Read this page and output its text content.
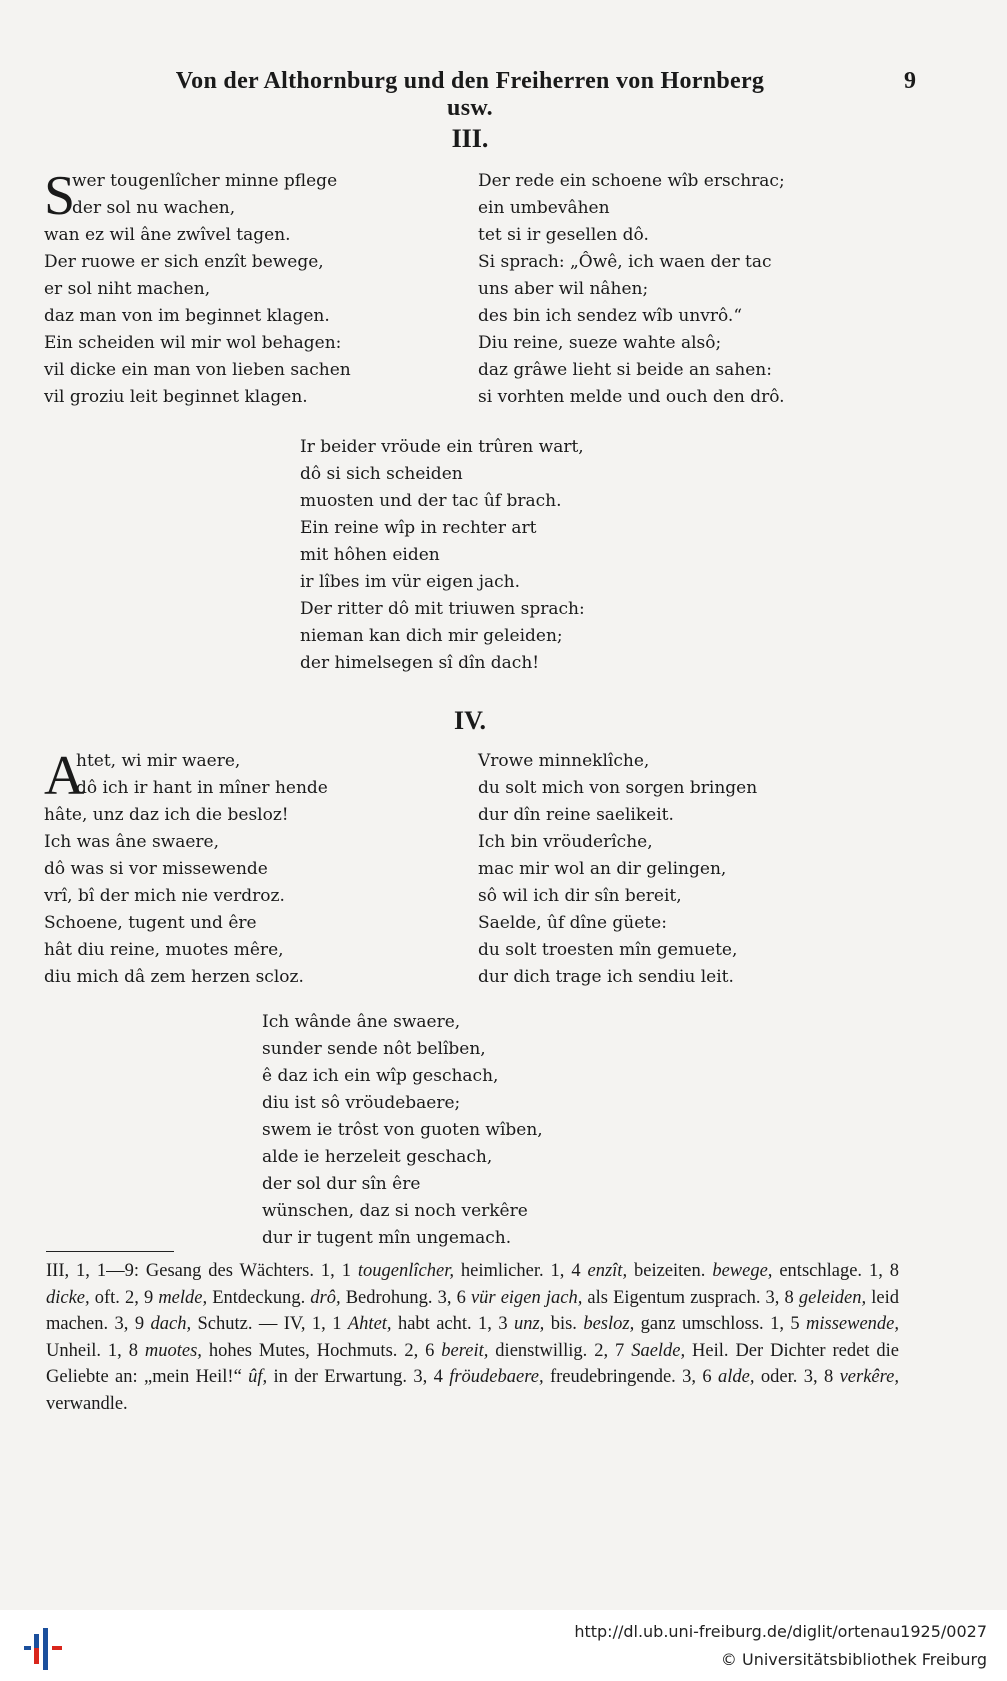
Von der Althornburg und den Freiherren von Hornberg usw.
9
III.
S
wer tougenlîcher minne pflege
der sol nu wachen,
wan ez wil âne zwîvel tagen.
Der ruowe er sich enzît bewege,
er sol niht machen,
daz man von im beginnet klagen.
Ein scheiden wil mir wol behagen:
vil dicke ein man von lieben sachen
vil groziu leit beginnet klagen.
Der rede ein schoene wîb erschrac;
ein umbevâhen
tet si ir gesellen dô.
Si sprach: „Ôwê, ich waen der tac
uns aber wil nâhen;
des bin ich sendez wîb unvrô.“
Diu reine, sueze wahte alsô;
daz grâwe lieht si beide an sahen:
si vorhten melde und ouch den drô.
Ir beider vröude ein trûren wart,
dô si sich scheiden
muosten und der tac ûf brach.
Ein reine wîp in rechter art
mit hôhen eiden
ir lîbes im vür eigen jach.
Der ritter dô mit triuwen sprach:
nieman kan dich mir geleiden;
der himelsegen sî dîn dach!
IV.
A
htet, wi mir waere,
dô ich ir hant in mîner hende
hâte, unz daz ich die besloz!
Ich was âne swaere,
dô was si vor missewende
vrî, bî der mich nie verdroz.
Schoene, tugent und êre
hât diu reine, muotes mêre,
diu mich dâ zem herzen scloz.
Vrowe minneklîche,
du solt mich von sorgen bringen
dur dîn reine saelikeit.
Ich bin vröuderîche,
mac mir wol an dir gelingen,
sô wil ich dir sîn bereit,
Saelde, ûf dîne güete:
du solt troesten mîn gemuete,
dur dich trage ich sendiu leit.
Ich wânde âne swaere,
sunder sende nôt belîben,
ê daz ich ein wîp geschach,
diu ist sô vröudebaere;
swem ie trôst von guoten wîben,
alde ie herzeleit geschach,
der sol dur sîn êre
wünschen, daz si noch verkêre
dur ir tugent mîn ungemach.
III, 1, 1—9: Gesang des Wächters. 1, 1 tougenlîcher, heimlicher. 1, 4 enzît, beizeiten. bewege, entschlage. 1, 8 dicke, oft. 2, 9 melde, Entdeckung. drô, Bedrohung. 3, 6 vür eigen jach, als Eigentum zusprach. 3, 8 geleiden, leid machen. 3, 9 dach, Schutz. — IV, 1, 1 Ahtet, habt acht. 1, 3 unz, bis. besloz, ganz umschloss. 1, 5 missewende, Unheil. 1, 8 muotes, hohes Mutes, Hochmuts. 2, 6 bereit, dienstwillig. 2, 7 Saelde, Heil. Der Dichter redet die Geliebte an: „mein Heil!“ ûf, in der Erwartung. 3, 4 fröudebaere, freudebringende. 3, 6 alde, oder. 3, 8 verkêre, verwandle.
http://dl.ub.uni-freiburg.de/diglit/ortenau1925/0027
© Universitätsbibliothek Freiburg
